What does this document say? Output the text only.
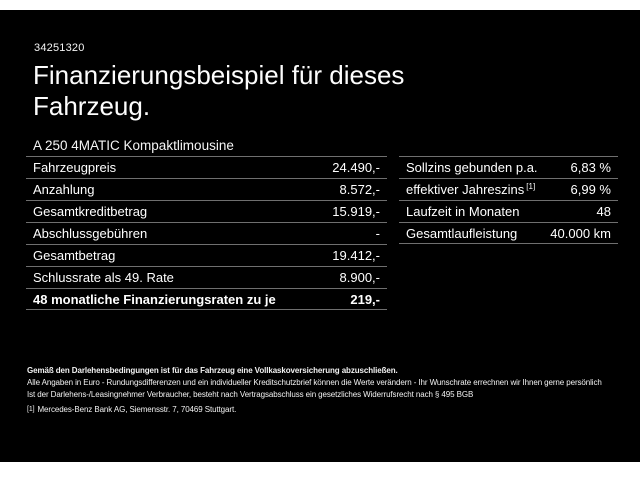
34251320
Finanzierungsbeispiel für dieses
Fahrzeug.
A 250 4MATIC Kompaktlimousine
Fahrzeugpreis	24.490,-
Anzahlung	8.572,-
Gesamtkreditbetrag	15.919,-
Abschlussgebühren	-
Gesamtbetrag	19.412,-
Schlussrate als 49. Rate	8.900,-
48 monatliche Finanzierungsraten zu je	219,-
Sollzins gebunden p.a.	6,83 %
effektiver Jahreszins [1]	6,99 %
Laufzeit in Monaten	48
Gesamtlaufleistung	40.000 km
Gemäß den Darlehensbedingungen ist für das Fahrzeug eine Vollkaskoversicherung abzuschließen.
Alle Angaben in Euro - Rundungsdifferenzen und ein individueller Kreditschutzbrief können die Werte verändern - Ihr Wunschrate errechnen wir Ihnen gerne persönlich
Ist der Darlehens-/Leasingnehmer Verbraucher, besteht nach Vertragsabschluss ein gesetzliches Widerrufsrecht nach § 495 BGB
[1] Mercedes-Benz Bank AG, Siemensstr. 7, 70469 Stuttgart.
